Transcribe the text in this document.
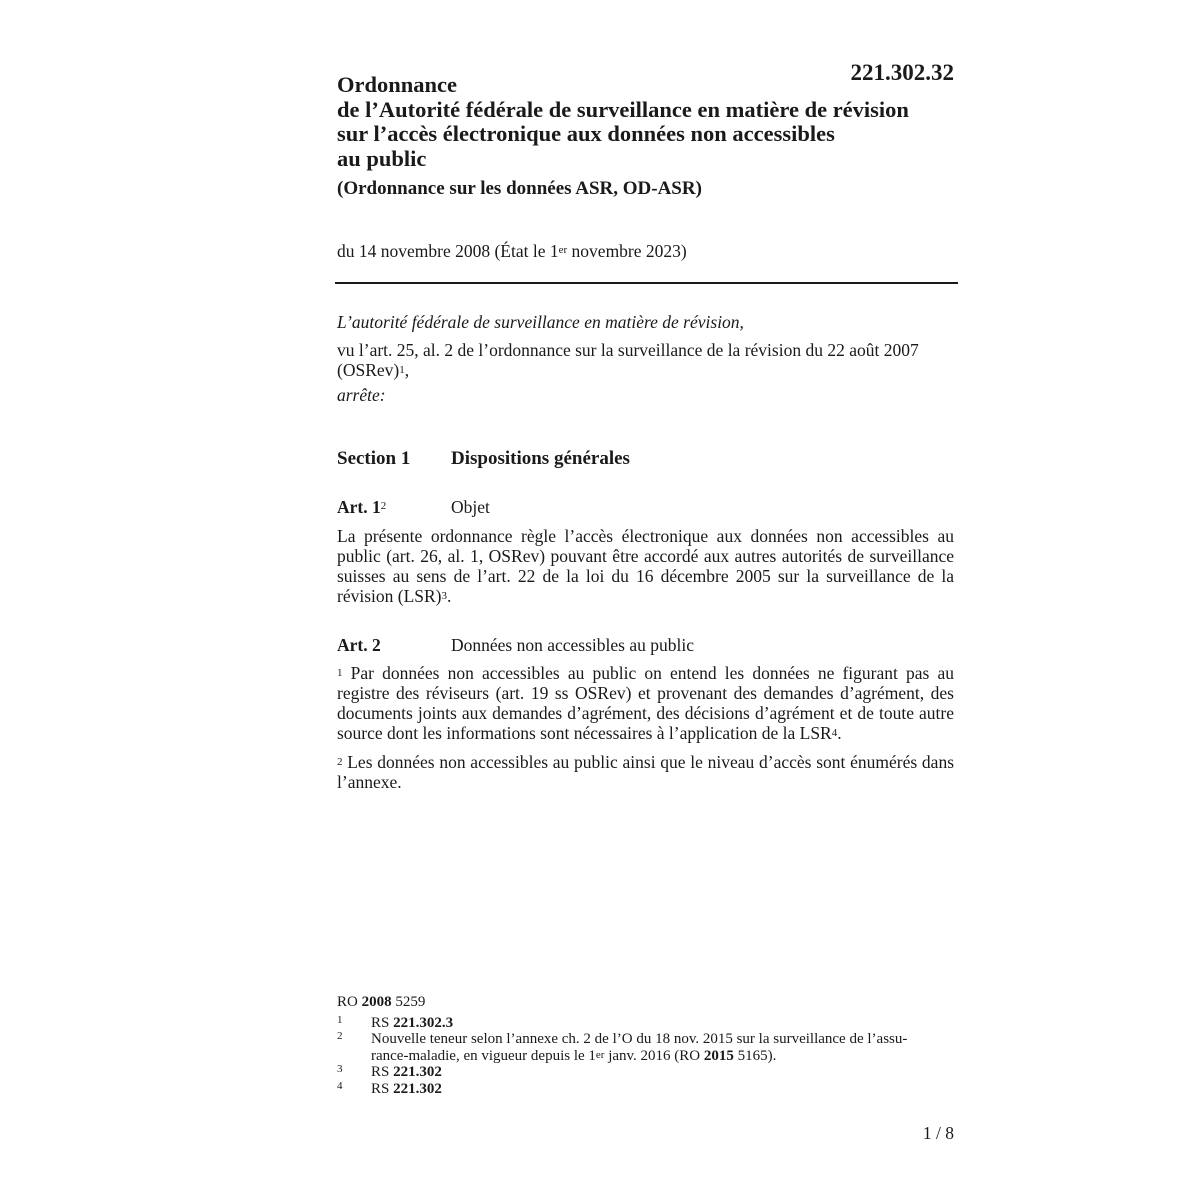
221.302.32
Ordonnance
de l’Autorité fédérale de surveillance en matière de révision
sur l’accès électronique aux données non accessibles
au public
(Ordonnance sur les données ASR, OD-ASR)
du 14 novembre 2008 (État le 1er novembre 2023)
L’autorité fédérale de surveillance en matière de révision,
vu l’art. 25, al. 2 de l’ordonnance sur la surveillance de la révision du 22 août 2007
(OSRev)$^1$,
arrête:
Section 1 Dispositions générales
Art. $1^2$	Objet
La présente ordonnance règle l’accès électronique aux données non accessibles au public (art. 26, al. 1, OSRev) pouvant être accordé aux autres autorités de surveillance suisses au sens de l’art. 22 de la loi du 16 décembre 2005 sur la surveillance de la révision (LSR)$^3$.
Art. 2	Données non accessibles au public
$^1$ Par données non accessibles au public on entend les données ne figurant pas au registre des réviseurs (art. 19 ss OSRev) et provenant des demandes d’agrément, des documents joints aux demandes d’agrément, des décisions d’agrément et de toute autre source dont les informations sont nécessaires à l’application de la LSR$^4$.
$^2$ Les données non accessibles au public ainsi que le niveau d’accès sont énumérés dans l’annexe.
RO 2008 5259
1 RS 221.302.3
2 Nouvelle teneur selon l’annexe ch. 2 de l’O du 18 nov. 2015 sur la surveillance de l’assu-
rance-maladie, en vigueur depuis le 1er janv. 2016 (RO 2015 5165).
3 RS 221.302
4 RS 221.302
1 / 8
